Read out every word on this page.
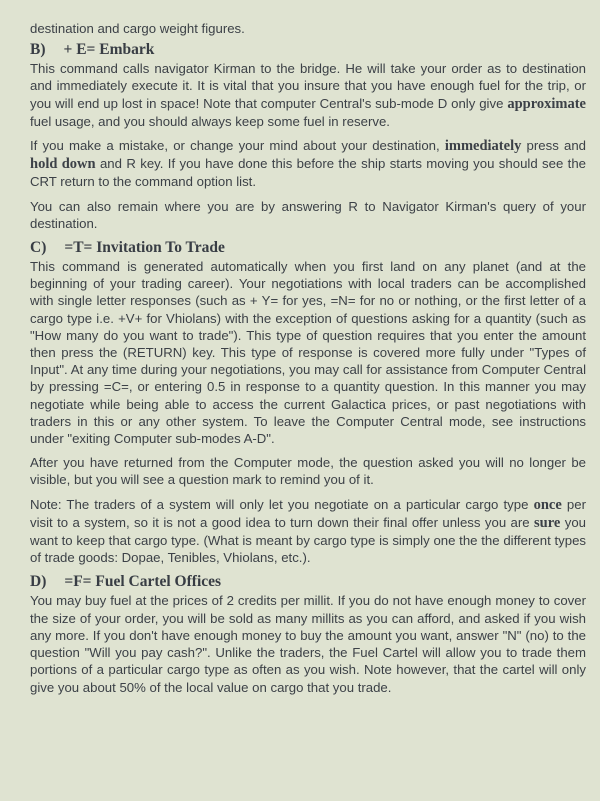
destination and cargo weight figures.

B) + E= Embark

This command calls navigator Kirman to the bridge. He will take your order as to destination and immediately execute it. It is vital that you insure that you have enough fuel for the trip, or you will end up lost in space! Note that computer Central's sub-mode D only give approximate fuel usage, and you should always keep some fuel in reserve.

If you make a mistake, or change your mind about your destination, immediately press and hold down and R key. If you have done this before the ship starts moving you should see the CRT return to the command option list.

You can also remain where you are by answering R to Navigator Kirman's query of your destination.

C) =T= Invitation To Trade

This command is generated automatically when you first land on any planet (and at the beginning of your trading career). Your negotiations with local traders can be accomplished with single letter responses (such as + Y= for yes, =N= for no or nothing, or the first letter of a cargo type i.e. +V+ for Vhiolans) with the exception of questions asking for a quantity (such as "How many do you want to trade"). This type of question requires that you enter the amount then press the (RETURN) key. This type of response is covered more fully under "Types of Input". At any time during your negotiations, you may call for assistance from Computer Central by pressing =C=, or entering 0.5 in response to a quantity question. In this manner you may negotiate while being able to access the current Galactica prices, or past negotiations with traders in this or any other system. To leave the Computer Central mode, see instructions under "exiting Computer sub-modes A-D".

After you have returned from the Computer mode, the question asked you will no longer be visible, but you will see a question mark to remind you of it.

Note: The traders of a system will only let you negotiate on a particular cargo type once per visit to a system, so it is not a good idea to turn down their final offer unless you are sure you want to keep that cargo type. (What is meant by cargo type is simply one the the different types of trade goods: Dopae, Tenibles, Vhiolans, etc.).

D) =F= Fuel Cartel Offices

You may buy fuel at the prices of 2 credits per millit. If you do not have enough money to cover the size of your order, you will be sold as many millits as you can afford, and asked if you wish any more. If you don't have enough money to buy the amount you want, answer "N" (no) to the question "Will you pay cash?". Unlike the traders, the Fuel Cartel will allow you to trade them portions of a particular cargo type as often as you wish. Note however, that the cartel will only give you about 50% of the local value on cargo that you trade.
